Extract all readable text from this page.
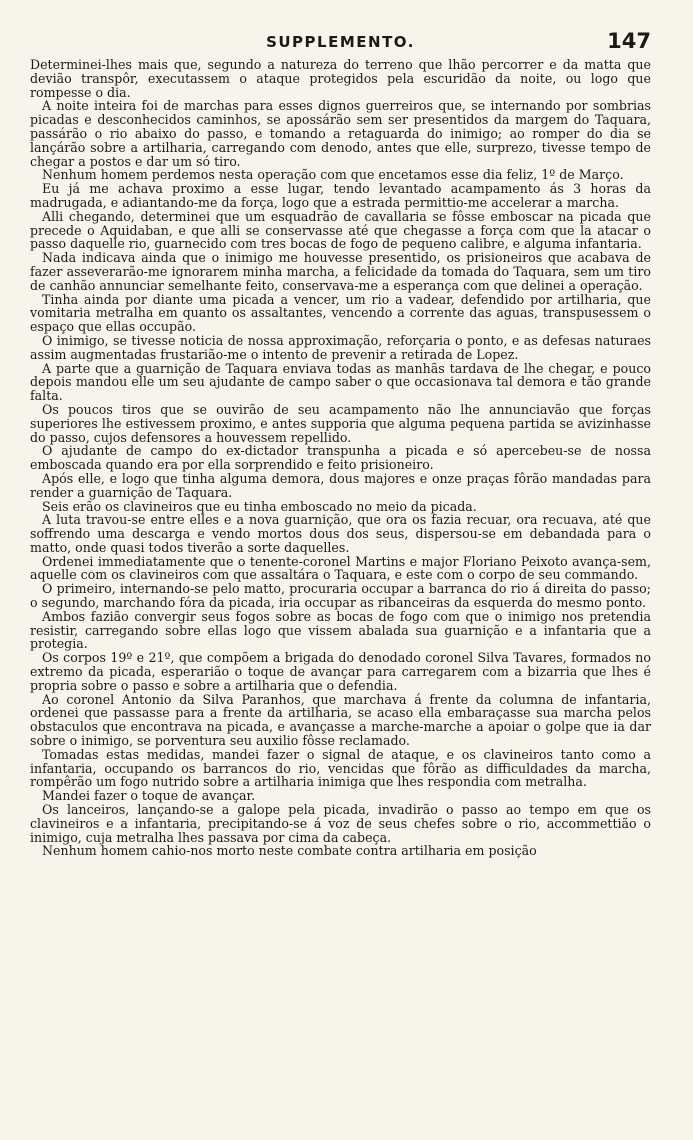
SUPPLEMENTO.	147

Determinei-lhes mais que, segundo a natureza do terreno que lhão percorrer e da matta que devião transpôr, executassem o ataque protegidos pela escuridão da noite, ou logo que rompesse o dia.

A noite inteira foi de marchas para esses dignos guerreiros que, se internando por sombrias picadas e desconhecidos caminhos, se apossárão sem ser presentidos da margem do Taquara, passárão o rio abaixo do passo, e tomando a retaguarda do inimigo; ao romper do dia se lançárão sobre a artilharia, carregando com denodo, antes que elle, surprezo, tivesse tempo de chegar a postos e dar um só tiro.

Nenhum homem perdemos nesta operação com que encetamos esse dia feliz, 1º de Março.

Eu já me achava proximo a esse lugar, tendo levantado acampamento ás 3 horas da madrugada, e adiantando-me da força, logo que a estrada permittio-me accelerar a marcha.

Alli chegando, determinei que um esquadrão de cavallaria se fôsse emboscar na picada que precede o Aquidaban, e que alli se conservasse até que chegasse a força com que la atacar o passo daquelle rio, guarnecido com tres bocas de fogo de pequeno calibre, e alguma infantaria.

Nada indicava ainda que o inimigo me houvesse presentido, os prisioneiros que acabava de fazer asseverarão-me ignorarem minha marcha, a felicidade da tomada do Taquara, sem um tiro de canhão annunciar semelhante feito, conservava-me a esperança com que delinei a operação.

Tinha ainda por diante uma picada a vencer, um rio a vadear, defendido por artilharia, que vomitaria metralha em quanto os assaltantes, vencendo a corrente das aguas, transpusessem o espaço que ellas occupão.

O inimigo, se tivesse noticia de nossa approximação, reforçaria o ponto, e as defesas naturaes assim augmentadas frustarião-me o intento de prevenir a retirada de Lopez.

A parte que a guarnição de Taquara enviava todas as manhãs tardava de lhe chegar, e pouco depois mandou elle um seu ajudante de campo saber o que occasionava tal demora e tão grande falta.

Os poucos tiros que se ouvirão de seu acampamento não lhe annunciavão que forças superiores lhe estivessem proximo, e antes supporia que alguma pequena partida se avizinhasse do passo, cujos defensores a houvessem repellido.

O ajudante de campo do ex-dictador transpunha a picada e só apercebeu-se de nossa emboscada quando era por ella sorprendido e feito prisioneiro.

Após elle, e logo que tinha alguma demora, dous majores e onze praças fôrão mandadas para render a guarnição de Taquara.

Seis erão os clavineiros que eu tinha emboscado no meio da picada.

A luta travou-se entre elles e a nova guarnição, que ora os fazia recuar, ora recuava, até que soffrendo uma descarga e vendo mortos dous dos seus, dispersou-se em debandada para o matto, onde quasi todos tiverão a sorte daquelles.

Ordenei immediatamente que o tenente-coronel Martins e major Floriano Peixoto avança-sem, aquelle com os clavineiros com que assaltára o Taquara, e este com o corpo de seu commando.

O primeiro, internando-se pelo matto, procuraria occupar a barranca do rio á direita do passo; o segundo, marchando fóra da picada, iria occupar as ribanceiras da esquerda do mesmo ponto.

Ambos fazião convergir seus fogos sobre as bocas de fogo com que o inimigo nos pretendia resistir, carregando sobre ellas logo que vissem abalada sua guarnição e a infantaria que a protegia.

Os corpos 19º e 21º, que compõem a brigada do denodado coronel Silva Tavares, formados no extremo da picada, esperarião o toque de avançar para carregarem com a bizarria que lhes é propria sobre o passo e sobre a artilharia que o defendia.

Ao coronel Antonio da Silva Paranhos, que marchava á frente da columna de infantaria, ordenei que passasse para a frente da artilharia, se acaso ella embaraçasse sua marcha pelos obstaculos que encontrava na picada, e avançasse a marche-marche a apoiar o golpe que ia dar sobre o inimigo, se porventura seu auxilio fôsse reclamado.

Tomadas estas medidas, mandei fazer o signal de ataque, e os clavineiros tanto como a infantaria, occupando os barrancos do rio, vencidas que fôrão as difficuldades da marcha, rompêrão um fogo nutrido sobre a artilharia inimiga que lhes respondia com metralha.

Mandei fazer o toque de avançar.

Os lanceiros, lançando-se a galope pela picada, invadirão o passo ao tempo em que os clavineiros e a infantaria, precipitando-se á voz de seus chefes sobre o rio, accommettião o inimigo, cuja metralha lhes passava por cima da cabeça.

Nenhum homem cahio-nos morto neste combate contra artilharia em posição
